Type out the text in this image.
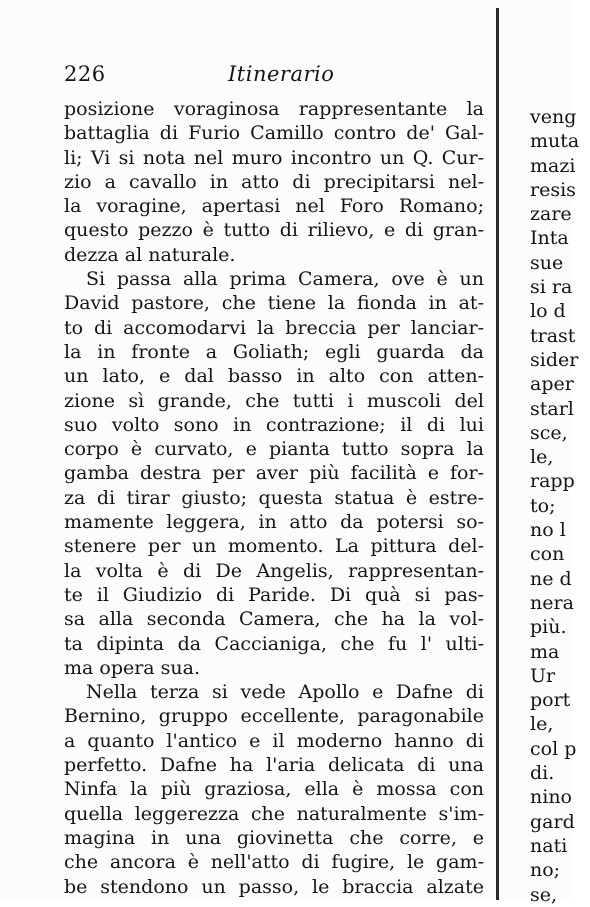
226	Itinerario
posizione voraginosa rappresentante la
battaglia di Furio Camillo contro de' Gal-
li; Vi si nota nel muro incontro un Q. Cur-
zio a cavallo in atto di precipitarsi nel-
la voragine, apertasi nel Foro Romano;
questo pezzo è tutto di rilievo, e di gran-
dezza al naturale.
Si passa alla prima Camera, ove è un
David pastore, che tiene la fionda in at-
to di accomodarvi la breccia per lanciar-
la in fronte a Goliath; egli guarda da
un lato, e dal basso in alto con atten-
zione sì grande, che tutti i muscoli del
suo volto sono in contrazione; il di lui
corpo è curvato, e pianta tutto sopra la
gamba destra per aver più facilità e for-
za di tirar giusto; questa statua è estre-
mamente leggera, in atto da potersi so-
stenere per un momento. La pittura del-
la volta è di De Angelis, rappresentan-
te il Giudizio di Paride. Di quà si pas-
sa alla seconda Camera, che ha la vol-
ta dipinta da Caccianiga, che fu l' ulti-
ma opera sua.
Nella terza si vede Apollo e Dafne di
Bernino, gruppo eccellente, paragonabile
a quanto l'antico e il moderno hanno di
perfetto. Dafne ha l'aria delicata di una
Ninfa la più graziosa, ella è mossa con
quella leggerezza che naturalmente s'im-
magina in una giovinetta che corre, e
che ancora è nell'atto di fugire, le gam-
be stendono un passo, le braccia alzate
veng
muta
mazi
resis
zare
Inta
sue
si ra
lo d
trast
sider
aper
starl
sce,
le,
rapp
to;
no l
con
ne d
nera
più.
ma
Ur
port
le,
col p
di.
nino
gard
nati
no;
se,
